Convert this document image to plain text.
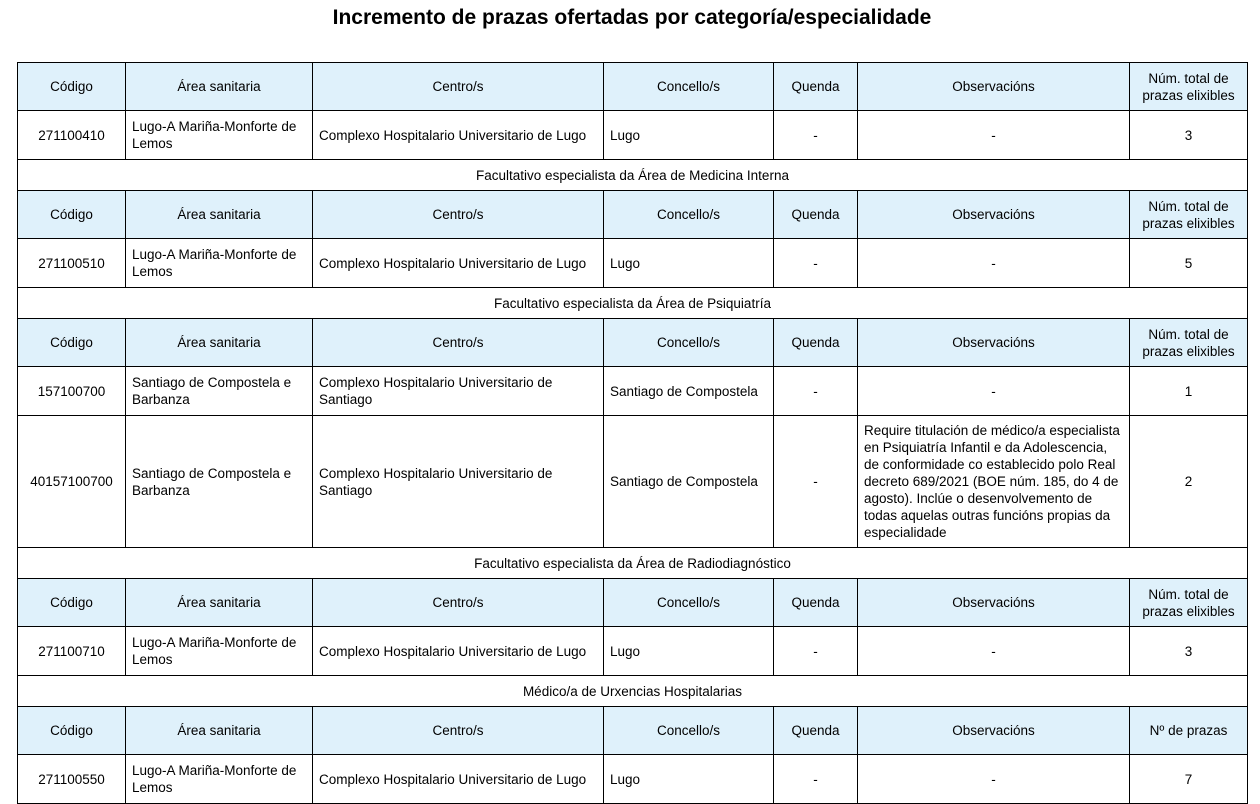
Incremento de prazas ofertadas por categoría/especialidade
Código	Área sanitaria	Centro/s	Concello/s	Quenda	Observacións	Núm. total de prazas elixibles
271100410	Lugo-A Mariña-Monforte de Lemos	Complexo Hospitalario Universitario de Lugo	Lugo	-	-	3
Facultativo especialista da Área de Medicina Interna						
Código	Área sanitaria	Centro/s	Concello/s	Quenda	Observacións	Núm. total de prazas elixibles
271100510	Lugo-A Mariña-Monforte de Lemos	Complexo Hospitalario Universitario de Lugo	Lugo	-	-	5
Facultativo especialista da Área de Psiquiatría						
Código	Área sanitaria	Centro/s	Concello/s	Quenda	Observacións	Núm. total de prazas elixibles
157100700	Santiago de Compostela e Barbanza	Complexo Hospitalario Universitario de Santiago	Santiago de Compostela	-	-	1
40157100700	Santiago de Compostela e Barbanza	Complexo Hospitalario Universitario de Santiago	Santiago de Compostela	-	Require titulación de médico/a especialista en Psiquiatría Infantil e da Adolescencia, de conformidade co establecido polo Real decreto 689/2021 (BOE núm. 185, do 4 de agosto). Inclúe o desenvolvemento de todas aquelas outras funcións propias da especialidade	2
Facultativo especialista da Área de Radiodiagnóstico						
Código	Área sanitaria	Centro/s	Concello/s	Quenda	Observacións	Núm. total de prazas elixibles
271100710	Lugo-A Mariña-Monforte de Lemos	Complexo Hospitalario Universitario de Lugo	Lugo	-	-	3
Médico/a de Urxencias Hospitalarias						
Código	Área sanitaria	Centro/s	Concello/s	Quenda	Observacións	Nº de prazas
271100550	Lugo-A Mariña-Monforte de Lemos	Complexo Hospitalario Universitario de Lugo	Lugo	-	-	7
